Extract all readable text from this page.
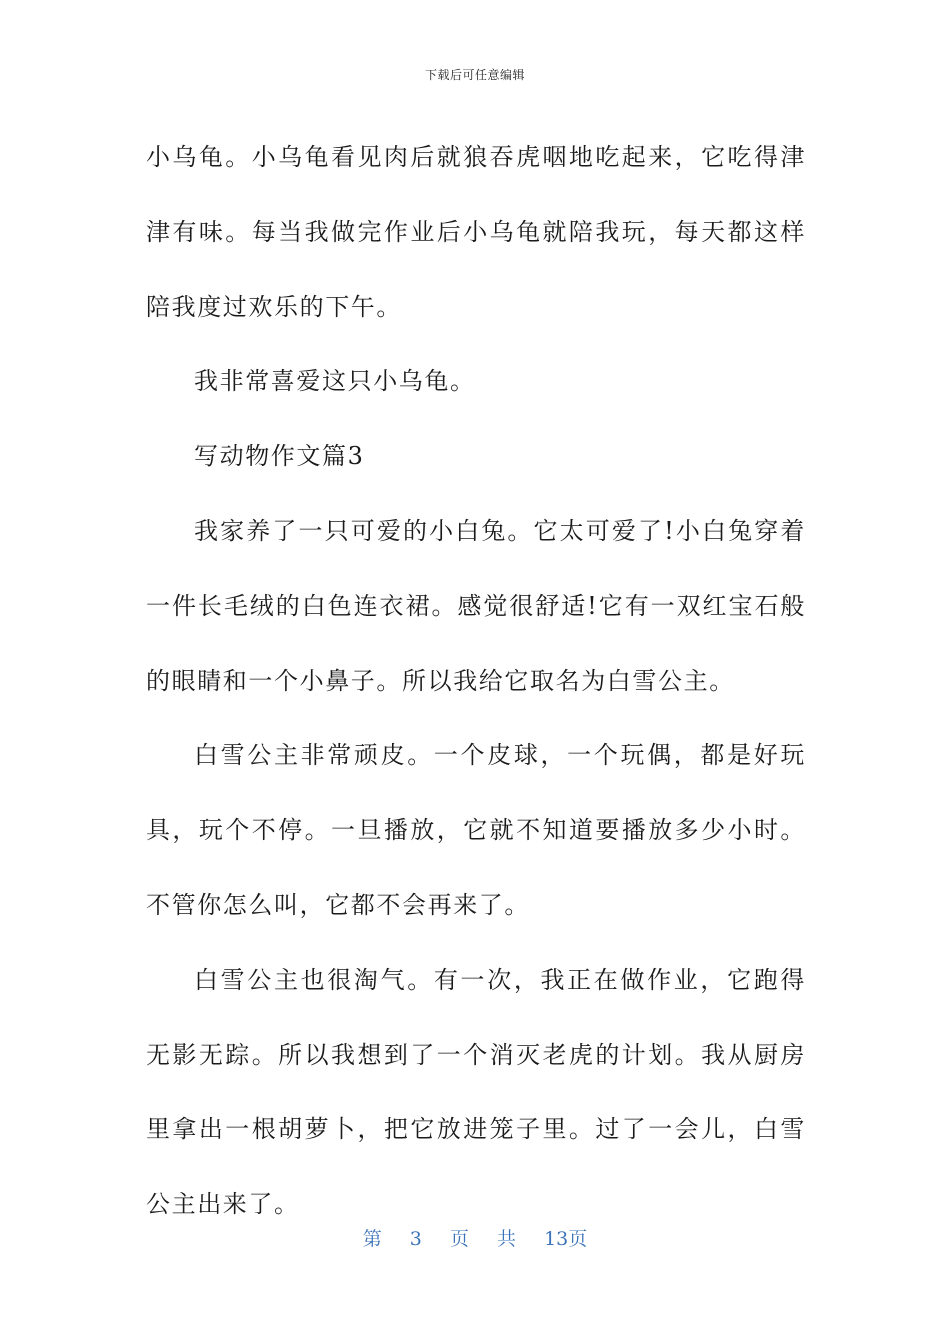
下载后可任意编辑

小乌龟。小乌龟看见肉后就狼吞虎咽地吃起来，它吃得津津有味。每当我做完作业后小乌龟就陪我玩，每天都这样陪我度过欢乐的下午。

我非常喜爱这只小乌龟。

写动物作文篇3

我家养了一只可爱的小白兔。它太可爱了!小白兔穿着一件长毛绒的白色连衣裙。感觉很舒适!它有一双红宝石般的眼睛和一个小鼻子。所以我给它取名为白雪公主。

白雪公主非常顽皮。一个皮球，一个玩偶，都是好玩具，玩个不停。一旦播放，它就不知道要播放多少小时。不管你怎么叫，它都不会再来了。

白雪公主也很淘气。有一次，我正在做作业，它跑得无影无踪。所以我想到了一个消灭老虎的计划。我从厨房里拿出一根胡萝卜，把它放进笼子里。过了一会儿，白雪公主出来了。

第 3 页 共 13页
